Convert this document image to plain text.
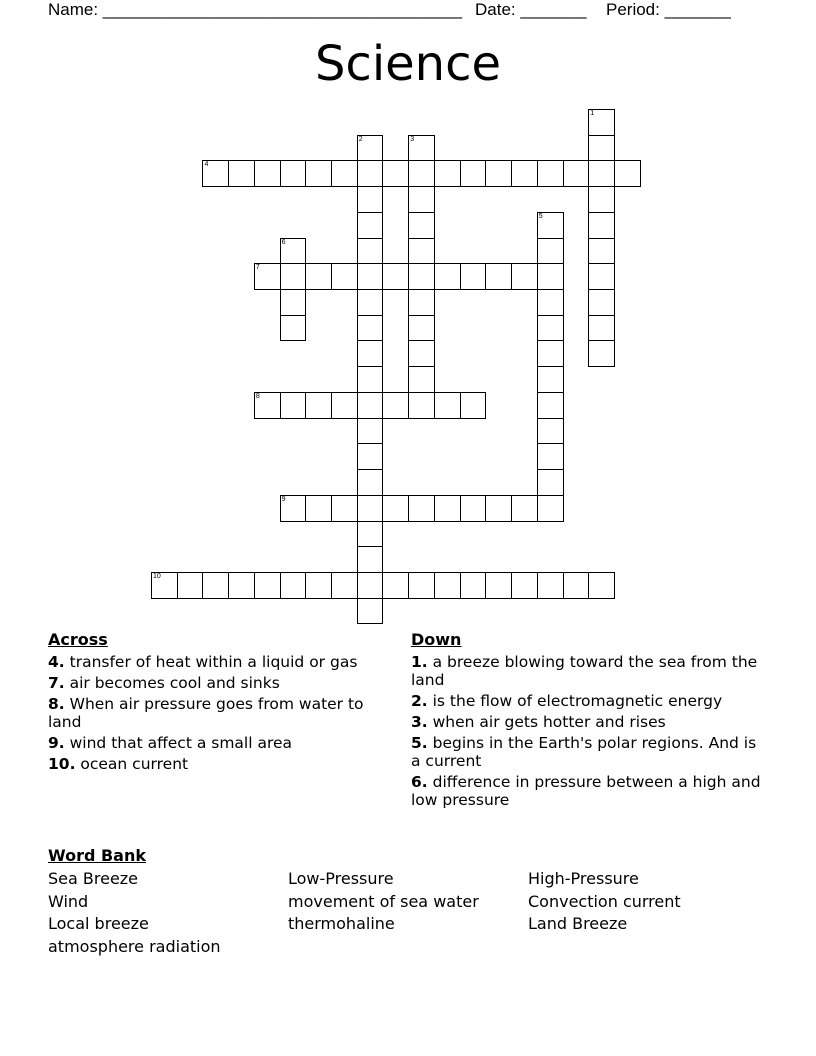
Name: ______________________________________ Date: _______ Period: _______
Science
1
2	3
4
5
6
7
8
9
10
Across
4. transfer of heat within a liquid or gas
7. air becomes cool and sinks
8. When air pressure goes from water to land
9. wind that affect a small area
10. ocean current
Down
1. a breeze blowing toward the sea from the land
2. is the flow of electromagnetic energy
3. when air gets hotter and rises
5. begins in the Earth's polar regions. And is a current
6. difference in pressure between a high and low pressure
Word Bank
Sea Breeze	Low-Pressure	High-Pressure
Wind	movement of sea water	Convection current
Local breeze	thermohaline	Land Breeze
atmosphere radiation
